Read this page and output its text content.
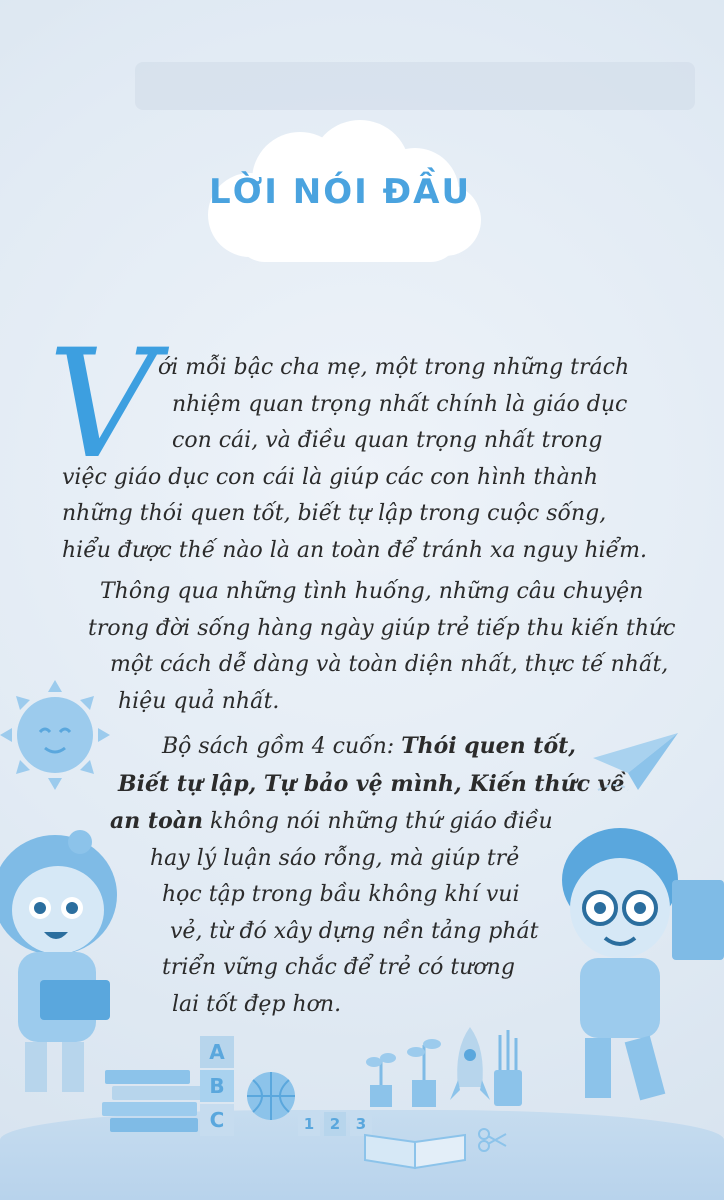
LỜI NÓI ĐẦU
V ới mỗi bậc cha mẹ, một trong những trách
nhiệm quan trọng nhất chính là giáo dục
con cái, và điều quan trọng nhất trong
việc giáo dục con cái là giúp các con hình thành
những thói quen tốt, biết tự lập trong cuộc sống,
hiểu được thế nào là an toàn để tránh xa nguy hiểm.
Thông qua những tình huống, những câu chuyện
trong đời sống hàng ngày giúp trẻ tiếp thu kiến thức
một cách dễ dàng và toàn diện nhất, thực tế nhất,
hiệu quả nhất.
Bộ sách gồm 4 cuốn: Thói quen tốt,
Biết tự lập, Tự bảo vệ mình, Kiến thức về
an toàn không nói những thứ giáo điều
hay lý luận sáo rỗng, mà giúp trẻ
học tập trong bầu không khí vui
vẻ, từ đó xây dựng nền tảng phát
triển vững chắc để trẻ có tương
lai tốt đẹp hơn.
A
B
C	1	2	3
